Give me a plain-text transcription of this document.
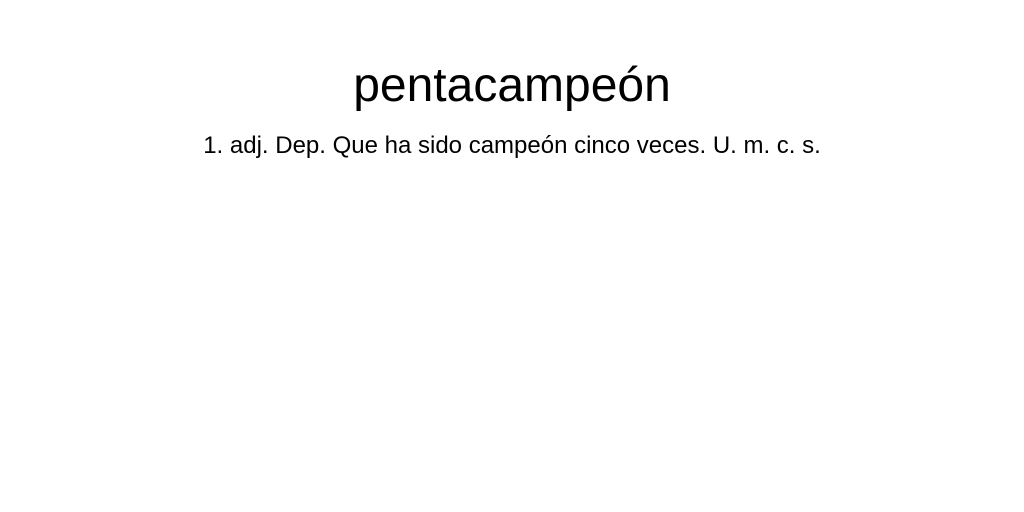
pentacampeón

1. adj. Dep. Que ha sido campeón cinco veces. U. m. c. s.
